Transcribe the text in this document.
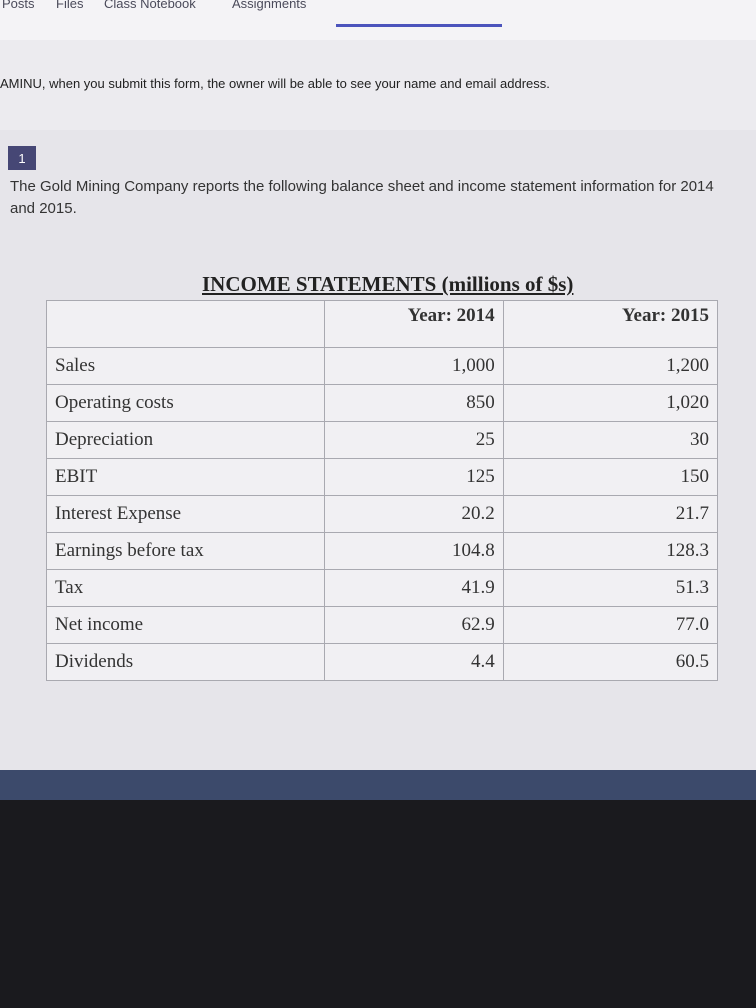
Posts Files Class Notebook	Assignments
AMINU, when you submit this form, the owner will be able to see your name and email address.
1
The Gold Mining Company reports the following balance sheet and income statement information for 2014 and 2015.
INCOME STATEMENTS (millions of $s)
	Year: 2014	Year: 2015
Sales	1,000	1,200
Operating costs	850	1,020
Depreciation	25	30
EBIT	125	150
Interest Expense	20.2	21.7
Earnings before tax	104.8	128.3
Tax	41.9	51.3
Net income	62.9	77.0
Dividends	4.4	60.5
